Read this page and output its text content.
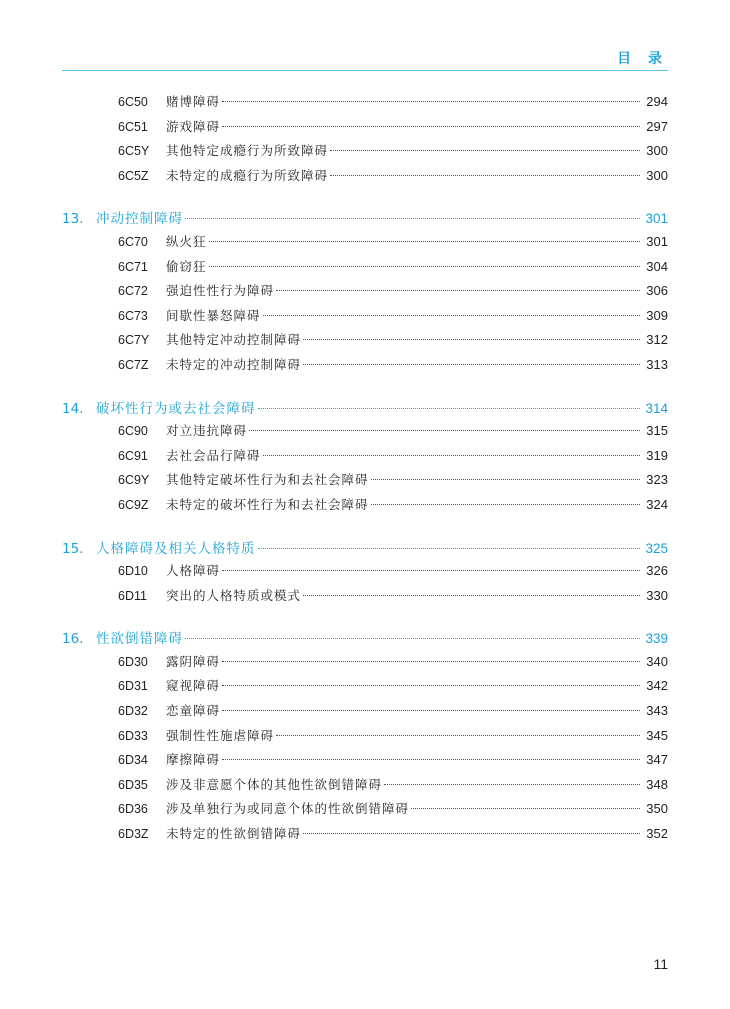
目 录
6C50	赌博障碍	294
6C51	游戏障碍	297
6C5Y	其他特定成瘾行为所致障碍	300
6C5Z	未特定的成瘾行为所致障碍	300
13. 冲动控制障碍	301
6C70	纵火狂	301
6C71	偷窃狂	304
6C72	强迫性性行为障碍	306
6C73	间歇性暴怒障碍	309
6C7Y	其他特定冲动控制障碍	312
6C7Z	未特定的冲动控制障碍	313
14. 破坏性行为或去社会障碍	314
6C90	对立违抗障碍	315
6C91	去社会品行障碍	319
6C9Y	其他特定破坏性行为和去社会障碍	323
6C9Z	未特定的破坏性行为和去社会障碍	324
15. 人格障碍及相关人格特质	325
6D10	人格障碍	326
6D11	突出的人格特质或模式	330
16. 性欲倒错障碍	339
6D30	露阴障碍	340
6D31	窥视障碍	342
6D32	恋童障碍	343
6D33	强制性性施虐障碍	345
6D34	摩擦障碍	347
6D35	涉及非意愿个体的其他性欲倒错障碍	348
6D36	涉及单独行为或同意个体的性欲倒错障碍	350
6D3Z	未特定的性欲倒错障碍	352
11
